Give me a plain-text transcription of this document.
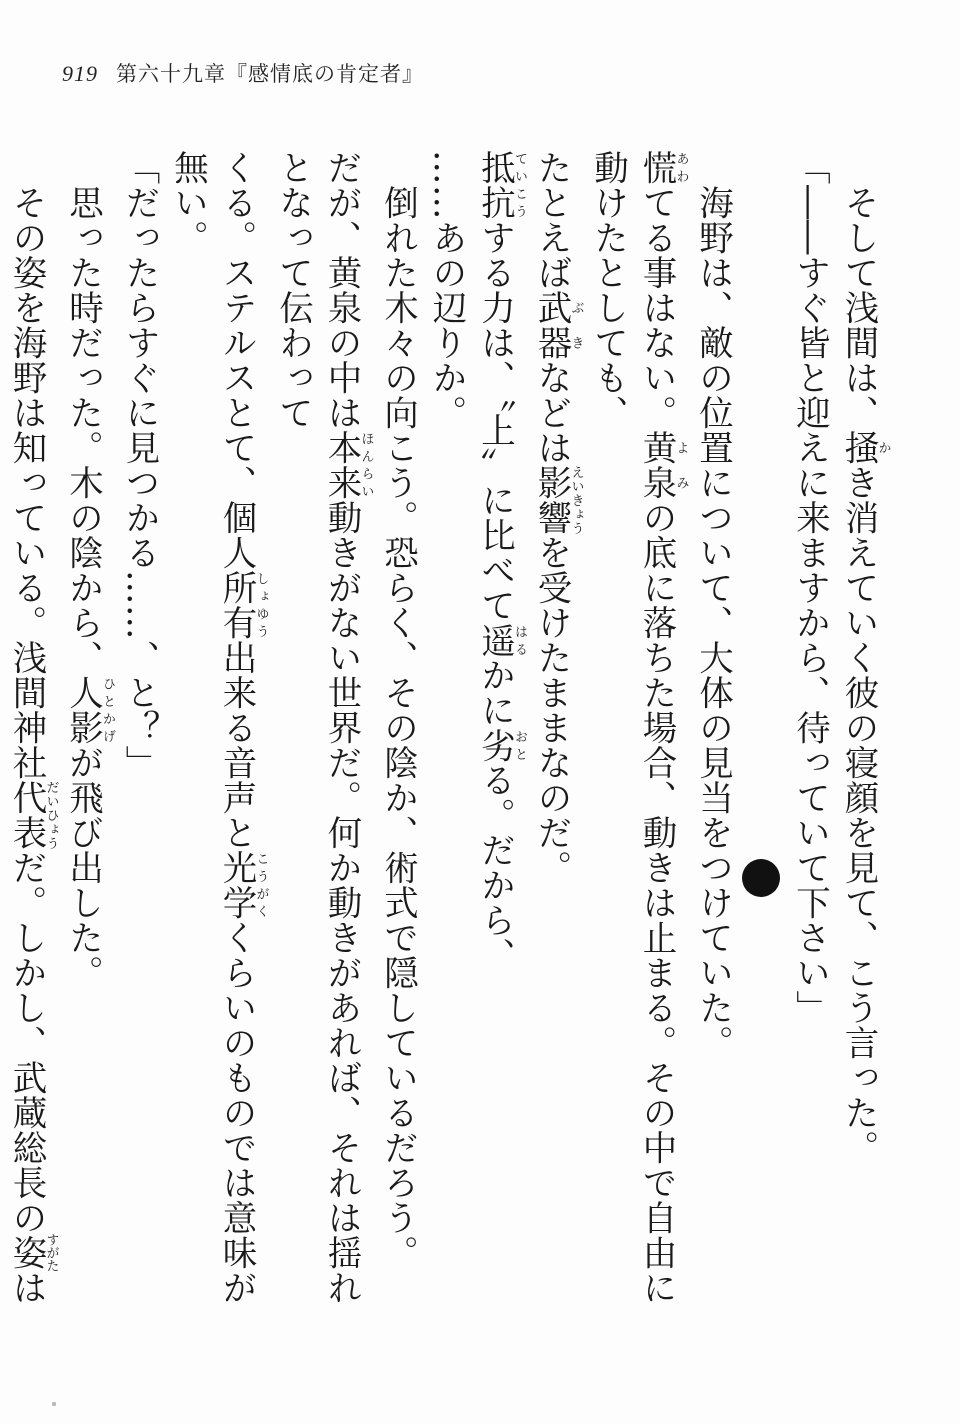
919 第六十九章『感情底の肯定者』

そして浅間は、掻かき消えていく彼の寝顔を見て、こう言った。

「――すぐ皆と迎えに来ますから、待っていて下さい」

海野は、敵の位置について、大体の見当をつけていた。

慌あわてる事はない。黄泉よみの底に落ちた場合、動きは止まる。その中で自由に動けたとしても、

たとえば武器ぶきなどは影響えいきょうを受けたままなのだ。

抵抗ていこうする力は、〝上〟に比べて遥はるかに劣おとる。だから、

……あの辺りか。

倒れた木々の向こう。恐らく、その陰か、術式で隠しているだろう。

だが、黄泉の中は本来ほんらい動きがない世界だ。何か動きがあれば、それは揺れとなって伝わって

くる。ステルスとて、個人所有しょゆう出来る音声と光学こうがくくらいのものでは意味が無い。

「だったらすぐに見つかる……、と？」

思った時だった。木の陰から、人影ひとかげが飛び出した。

その姿を海野は知っている。浅間神社代表だいひょうだ。しかし、武蔵総長の姿すがたは
